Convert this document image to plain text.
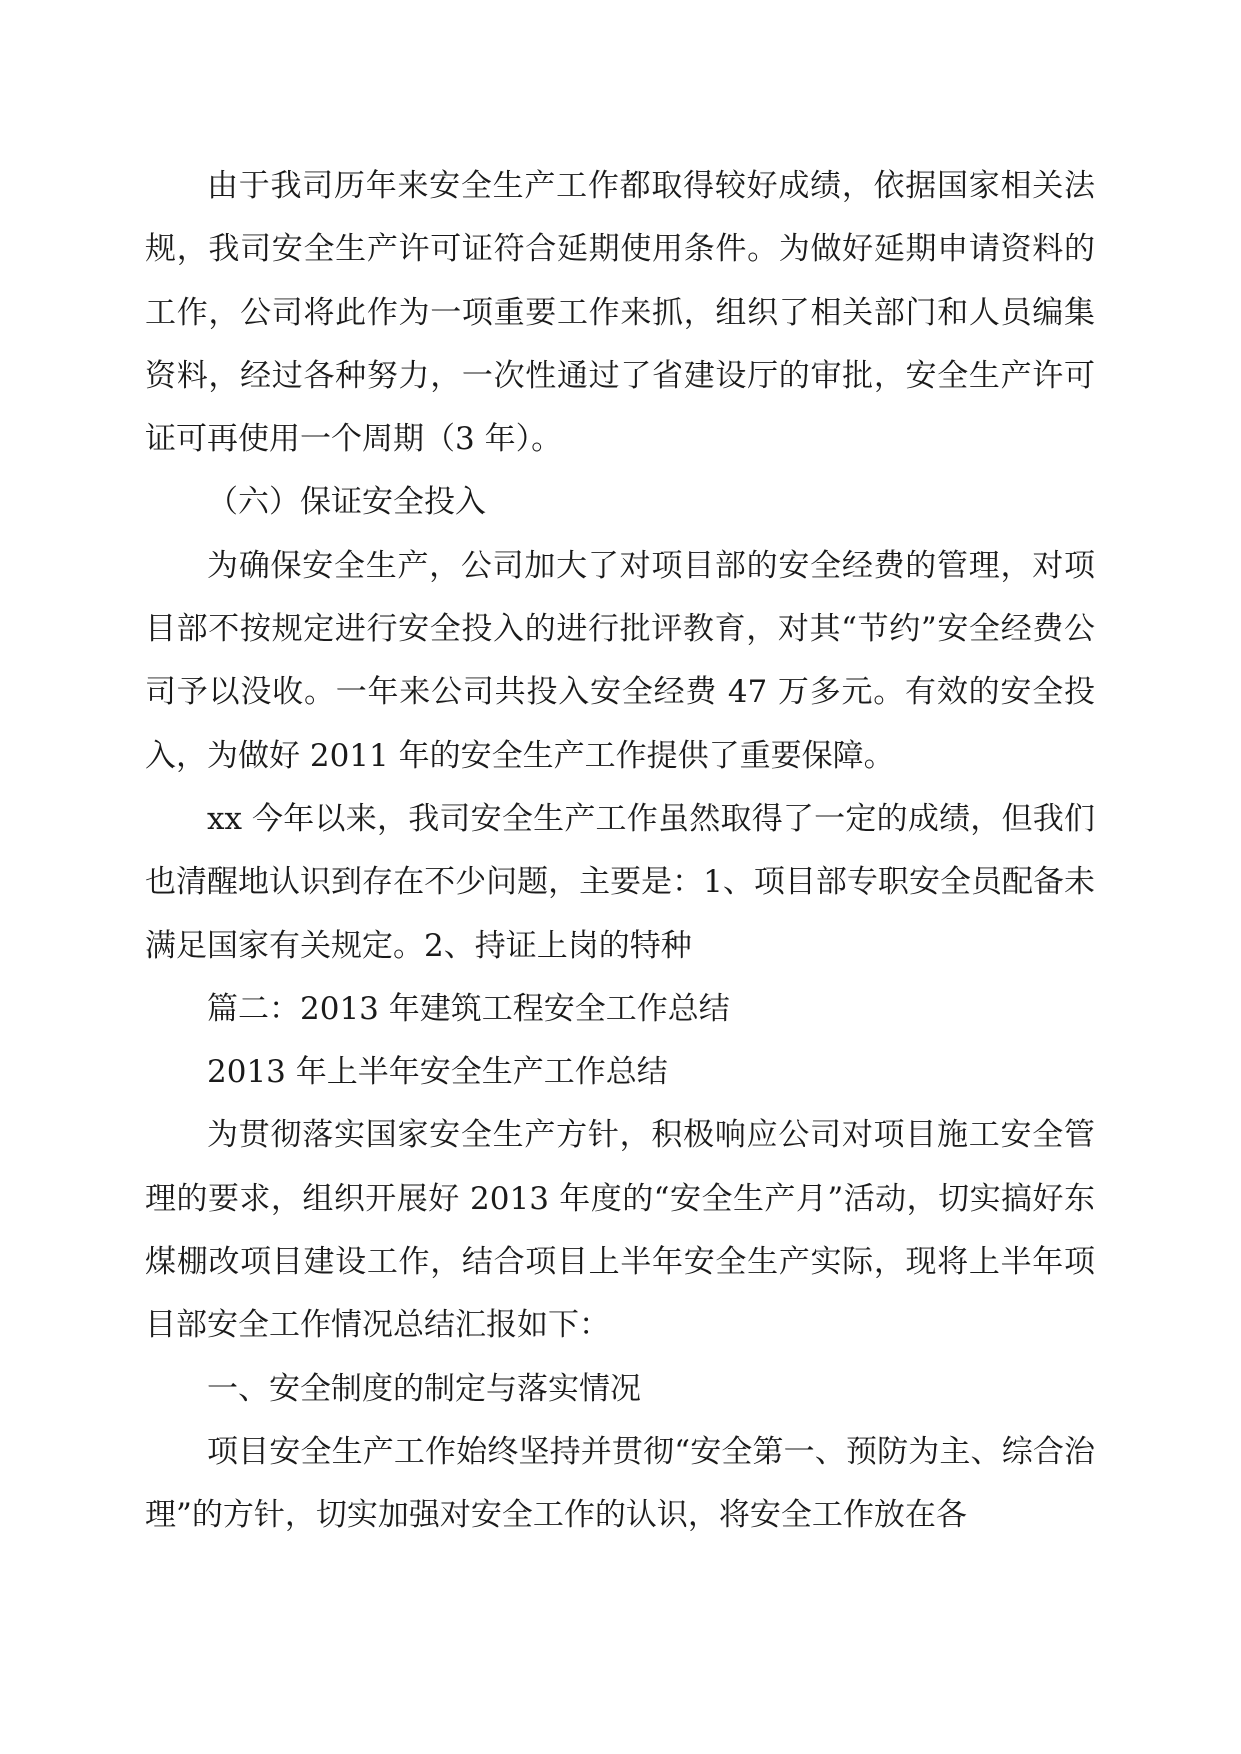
由于我司历年来安全生产工作都取得较好成绩，依据国家相关法规，我司安全生产许可证符合延期使用条件。为做好延期申请资料的工作，公司将此作为一项重要工作来抓，组织了相关部门和人员编集资料，经过各种努力，一次性通过了省建设厅的审批，安全生产许可证可再使用一个周期（3 年）。

（六）保证安全投入

为确保安全生产，公司加大了对项目部的安全经费的管理，对项目部不按规定进行安全投入的进行批评教育，对其“节约”安全经费公司予以没收。一年来公司共投入安全经费 47 万多元。有效的安全投入，为做好 2011 年的安全生产工作提供了重要保障。

xx 今年以来，我司安全生产工作虽然取得了一定的成绩，但我们也清醒地认识到存在不少问题，主要是：1、项目部专职安全员配备未满足国家有关规定。2、持证上岗的特种

篇二：2013 年建筑工程安全工作总结

2013 年上半年安全生产工作总结

为贯彻落实国家安全生产方针，积极响应公司对项目施工安全管理的要求，组织开展好 2013 年度的“安全生产月”活动，切实搞好东煤棚改项目建设工作，结合项目上半年安全生产实际，现将上半年项目部安全工作情况总结汇报如下：

一、安全制度的制定与落实情况

项目安全生产工作始终坚持并贯彻“安全第一、预防为主、综合治理”的方针，切实加强对安全工作的认识，将安全工作放在各
